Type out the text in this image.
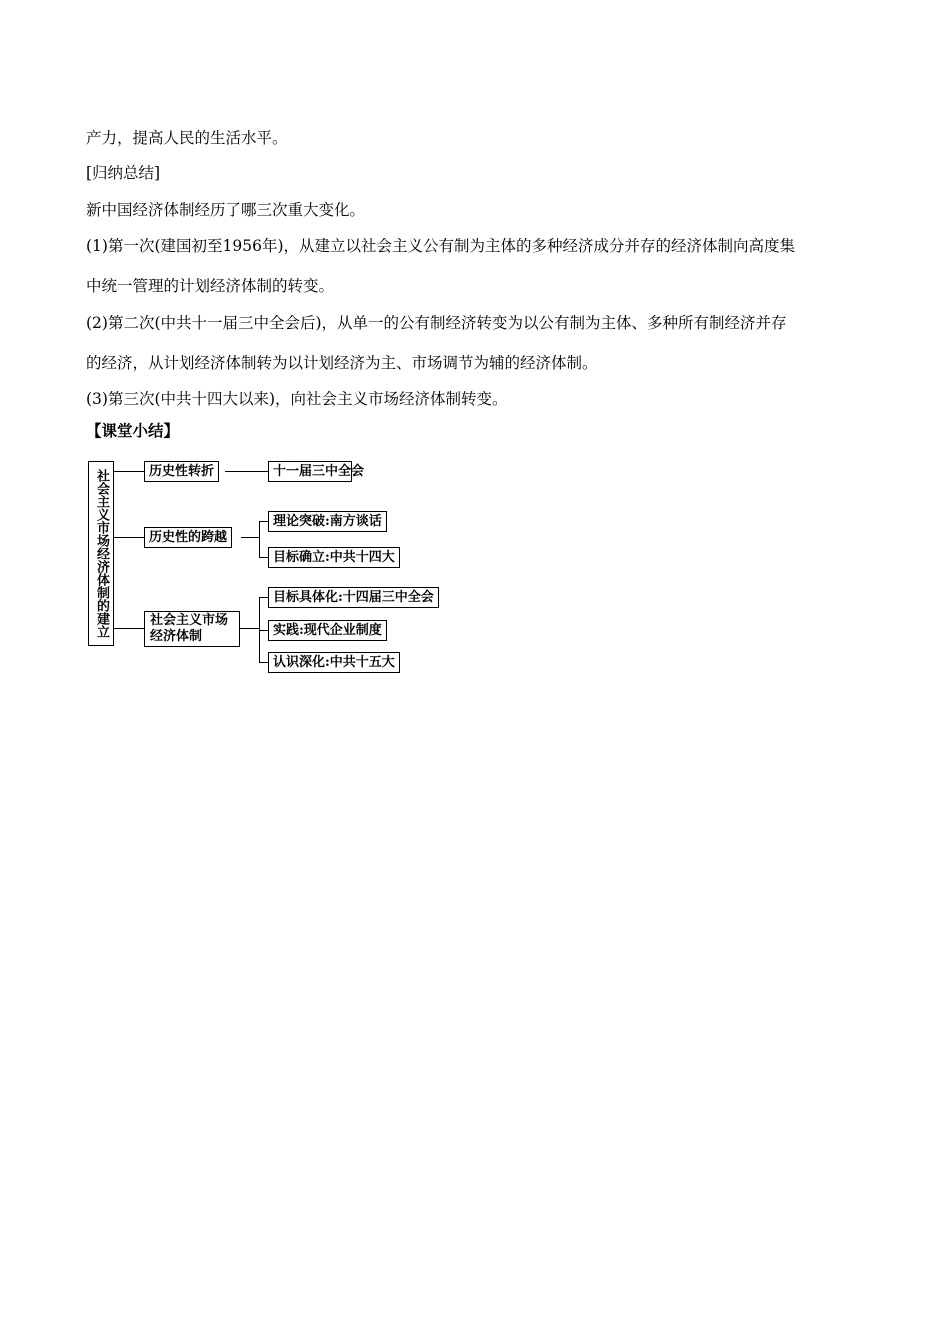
产力，提高人民的生活水平。
[归纳总结]
新中国经济体制经历了哪三次重大变化。
(1)第一次(建国初至1956年)，从建立以社会主义公有制为主体的多种经济成分并存的经济体制向高度集
中统一管理的计划经济体制的转变。
(2)第二次(中共十一届三中全会后)，从单一的公有制经济转变为以公有制为主体、多种所有制经济并存
的经济，从计划经济体制转为以计划经济为主、市场调节为辅的经济体制。
(3)第三次(中共十四大以来)，向社会主义市场经济体制转变。
【课堂小结】
社会主义市场经济体制的建立	历史性转折	十一届三中全会
历史性的跨越
理论突破:南方谈话
目标确立:中共十四大
社会主义市场经济体制
目标具体化:十四届三中全会
实践:现代企业制度
认识深化:中共十五大
